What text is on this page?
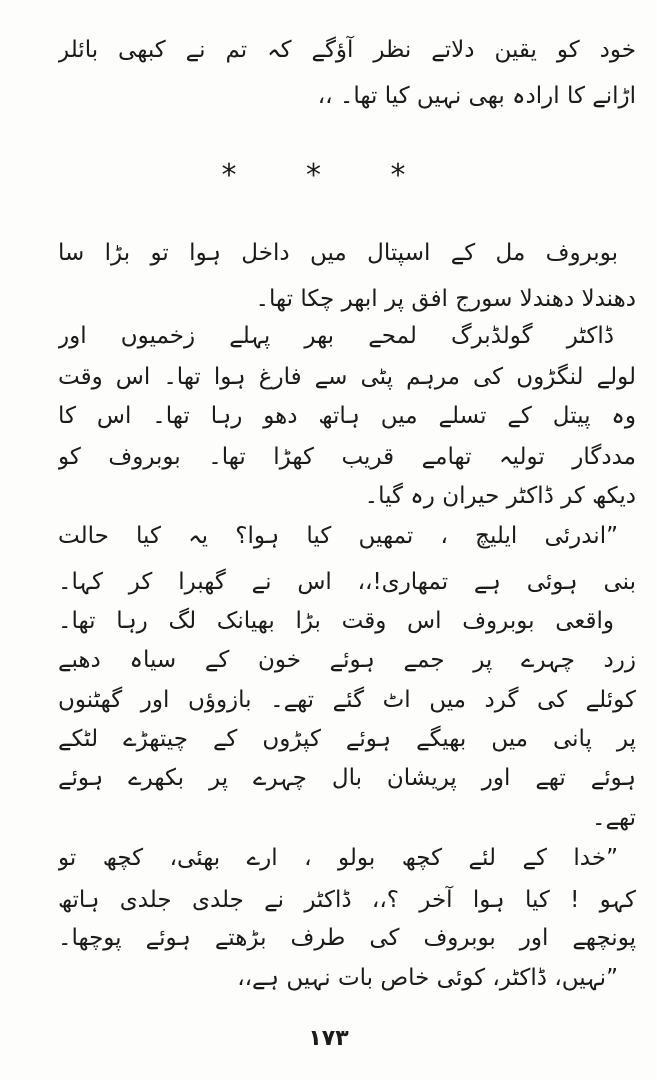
خود کو یقین دلاتے نظر آؤگے کہ تم نے کبھی بائلر
اڑانے کا ارادہ بھی نہیں کیا تھا۔ ،،
* * *
بوبروف مل کے اسپتال میں داخل ہوا تو بڑا سا
دھندلا دھندلا سورج افق پر ابھر چکا تھا۔
ڈاکٹر گولڈبرگ لمحے بھر پہلے زخمیوں اور
لولے لنگڑوں کی مرہم پٹی سے فارغ ہوا تھا۔ اس وقت
وہ پیتل کے تسلے میں ہاتھ دھو رہا تھا۔ اس کا
مددگار تولیہ تھامے قریب کھڑا تھا۔ بوبروف کو
دیکھ کر ڈاکٹر حیران رہ گیا۔
”اندرئی ایلیچ ، تمھیں کیا ہوا؟ یہ کیا حالت
بنی ہوئی ہے تمھاری!،، اس نے گھبرا کر کہا۔
واقعی بوبروف اس وقت بڑا بھیانک لگ رہا تھا۔
زرد چہرے پر جمے ہوئے خون کے سیاہ دھبے
کوئلے کی گرد میں اٹ گئے تھے۔ بازوؤں اور گھٹنوں
پر پانی میں بھیگے ہوئے کپڑوں کے چیتھڑے لٹکے
ہوئے تھے اور پریشان بال چہرے پر بکھرے ہوئے
تھے۔
”خدا کے لئے کچھ بولو ، ارے بھئی، کچھ تو
کہو ! کیا ہوا آخر ؟،، ڈاکٹر نے جلدی جلدی ہاتھ
پونچھے اور بوبروف کی طرف بڑھتے ہوئے پوچھا۔
”نہیں، ڈاکٹر، کوئی خاص بات نہیں ہے،،
۱۷۳
